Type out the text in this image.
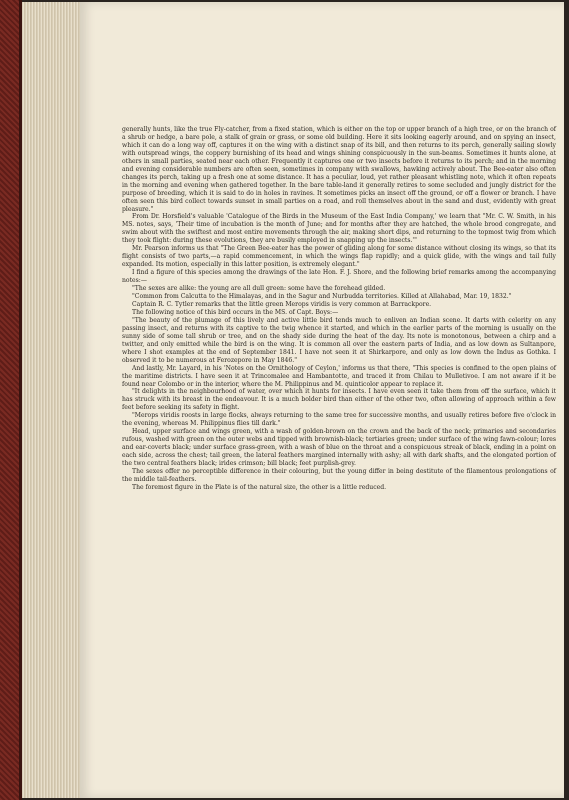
generally hunts, like the true Fly-catcher, from a fixed station, which is either on the top or upper branch of a high tree, or on the branch of a shrub or hedge, a bare pole, a stalk of grain or grass, or some old building. Here it sits looking eagerly around, and on spying an insect, which it can do a long way off, captures it on the wing with a distinct snap of its bill, and then returns to its perch, generally sailing slowly with outspread wings, the coppery burnishing of its head and wings shining conspicuously in the sun-beams. Sometimes it hunts alone, at others in small parties, seated near each other. Frequently it captures one or two insects before it returns to its perch; and in the morning and evening considerable numbers are often seen, sometimes in company with swallows, hawking actively about. The Bee-eater also often changes its perch, taking up a fresh one at some distance. It has a peculiar, loud, yet rather pleasant whistling note, which it often repeats in the morning and evening when gathered together. In the bare table-land it generally retires to some secluded and jungly district for the purpose of breeding, which it is said to do in holes in ravines. It sometimes picks an insect off the ground, or off a flower or branch. I have often seen this bird collect towards sunset in small parties on a road, and roll themselves about in the sand and dust, evidently with great pleasure."

From Dr. Horsfield's valuable 'Catalogue of the Birds in the Museum of the East India Company,' we learn that "Mr. C. W. Smith, in his MS. notes, says, 'Their time of incubation is the month of June; and for months after they are hatched, the whole brood congregate, and swim about with the swiftest and most entire movements through the air, making short dips, and returning to the topmost twig from which they took flight: during these evolutions, they are busily employed in snapping up the insects.'"

Mr. Pearson informs us that "The Green Bee-eater has the power of gliding along for some distance without closing its wings, so that its flight consists of two parts,—a rapid commencement, in which the wings flap rapidly; and a quick glide, with the wings and tail fully expanded. Its motion, especially in this latter position, is extremely elegant."

I find a figure of this species among the drawings of the late Hon. F. J. Shore, and the following brief remarks among the accompanying notes:—

"The sexes are alike: the young are all dull green: some have the forehead gilded.

"Common from Calcutta to the Himalayas, and in the Sagur and Nurbudda territories. Killed at Allahabad, Mar. 19, 1832."

Captain R. C. Tytler remarks that the little green Merops viridis is very common at Barrackpore.

The following notice of this bird occurs in the MS. of Capt. Boys:—

"The beauty of the plumage of this lively and active little bird tends much to enliven an Indian scene. It darts with celerity on any passing insect, and returns with its captive to the twig whence it started, and which in the earlier parts of the morning is usually on the sunny side of some tall shrub or tree, and on the shady side during the heat of the day. Its note is monotonous, between a chirp and a twitter, and only emitted while the bird is on the wing. It is common all over the eastern parts of India, and as low down as Sultanpore, where I shot examples at the end of September 1841. I have not seen it at Shirkarpore, and only as low down the Indus as Gothka. I observed it to be numerous at Ferozepore in May 1846."

And lastly, Mr. Layard, in his 'Notes on the Ornithology of Ceylon,' informs us that there, "This species is confined to the open plains of the maritime districts. I have seen it at Trincomalee and Hambantotte, and traced it from Chilau to Mulletivoe. I am not aware if it be found near Colombo or in the interior, where the M. Philippinus and M. quinticolor appear to replace it.

"It delights in the neighbourhood of water, over which it hunts for insects. I have even seen it take them from off the surface, which it has struck with its breast in the endeavour. It is a much bolder bird than either of the other two, often allowing of approach within a few feet before seeking its safety in flight.

"Merops viridis roosts in large flocks, always returning to the same tree for successive months, and usually retires before five o'clock in the evening, whereas M. Philippinus flies till dark."

Head, upper surface and wings green, with a wash of golden-brown on the crown and the back of the neck; primaries and secondaries rufous, washed with green on the outer webs and tipped with brownish-black; tertiaries green; under surface of the wing fawn-colour; lores and ear-coverts black; under surface grass-green, with a wash of blue on the throat and a conspicuous streak of black, ending in a point on each side, across the chest; tail green, the lateral feathers margined internally with ashy; all with dark shafts, and the elongated portion of the two central feathers black; irides crimson; bill black; feet purplish-grey.

The sexes offer no perceptible difference in their colouring, but the young differ in being destitute of the filamentous prolongations of the middle tail-feathers.

The foremost figure in the Plate is of the natural size, the other is a little reduced.
